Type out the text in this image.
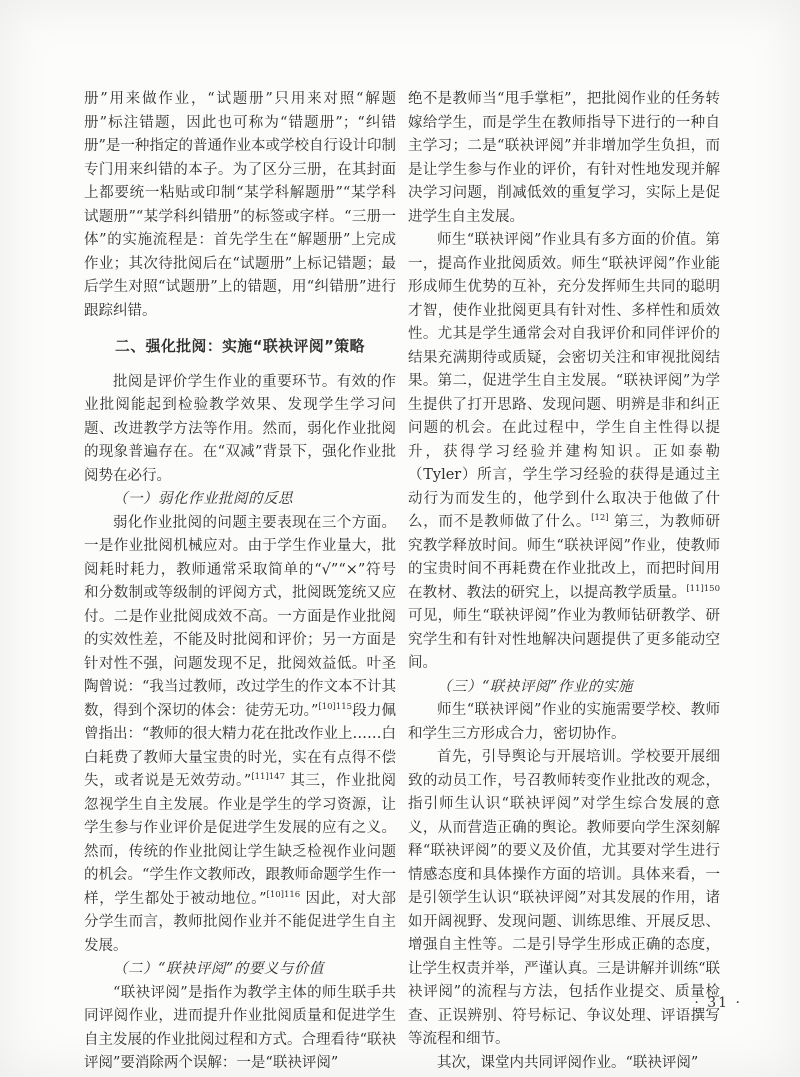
册”用来做作业，“试题册”只用来对照“解题册”标注错题，因此也可称为“错题册”；“纠错册”是一种指定的普通作业本或学校自行设计印制专门用来纠错的本子。为了区分三册，在其封面上都要统一粘贴或印制“某学科解题册”“某学科试题册”“某学科纠错册”的标签或字样。“三册一体”的实施流程是：首先学生在“解题册”上完成作业；其次待批阅后在“试题册”上标记错题；最后学生对照“试题册”上的错题，用“纠错册”进行跟踪纠错。
二、强化批阅：实施“联袂评阅”策略
批阅是评价学生作业的重要环节。有效的作业批阅能起到检验教学效果、发现学生学习问题、改进教学方法等作用。然而，弱化作业批阅的现象普遍存在。在“双减”背景下，强化作业批阅势在必行。
（一）弱化作业批阅的反思
弱化作业批阅的问题主要表现在三个方面。一是作业批阅机械应对。由于学生作业量大，批阅耗时耗力，教师通常采取简单的“√”“×”符号和分数制或等级制的评阅方式，批阅既笼统又应付。二是作业批阅成效不高。一方面是作业批阅的实效性差，不能及时批阅和评价；另一方面是针对性不强，问题发现不足，批阅效益低。叶圣陶曾说：“我当过教师，改过学生的作文本不计其数，得到个深切的体会：徒劳无功。”$^{[10]115}$段力佩曾指出：“教师的很大精力花在批改作业上……白白耗费了教师大量宝贵的时光，实在有点得不偿失，或者说是无效劳动。”$^{[11]147}$ 其三，作业批阅忽视学生自主发展。作业是学生的学习资源，让学生参与作业评价是促进学生发展的应有之义。然而，传统的作业批阅让学生缺乏检视作业问题的机会。“学生作文教师改，跟教师命题学生作一样，学生都处于被动地位。”$^{[10]116}$ 因此，对大部分学生而言，教师批阅作业并不能促进学生自主发展。
（二）“联袂评阅”的要义与价值
“联袂评阅”是指作为教学主体的师生联手共同评阅作业，进而提升作业批阅质量和促进学生自主发展的作业批阅过程和方式。合理看待“联袂评阅”要消除两个误解：一是“联袂评阅”
绝不是教师当“甩手掌柜”，把批阅作业的任务转嫁给学生，而是学生在教师指导下进行的一种自主学习；二是“联袂评阅”并非增加学生负担，而是让学生参与作业的评价，有针对性地发现并解决学习问题，削减低效的重复学习，实际上是促进学生自主发展。
师生“联袂评阅”作业具有多方面的价值。第一，提高作业批阅质效。师生“联袂评阅”作业能形成师生优势的互补，充分发挥师生共同的聪明才智，使作业批阅更具有针对性、多样性和质效性。尤其是学生通常会对自我评价和同伴评价的结果充满期待或质疑，会密切关注和审视批阅结果。第二，促进学生自主发展。“联袂评阅”为学生提供了打开思路、发现问题、明辨是非和纠正问题的机会。在此过程中，学生自主性得以提升，获得学习经验并建构知识。正如泰勒（Tyler）所言，学生学习经验的获得是通过主动行为而发生的，他学到什么取决于他做了什么，而不是教师做了什么。[12] 第三，为教师研究教学释放时间。师生“联袂评阅”作业，使教师的宝贵时间不再耗费在作业批改上，而把时间用在教材、教法的研究上，以提高教学质量。$^{[11]150}$可见，师生“联袂评阅”作业为教师钻研教学、研究学生和有针对性地解决问题提供了更多能动空间。
（三）“联袂评阅”作业的实施
师生“联袂评阅”作业的实施需要学校、教师和学生三方形成合力，密切协作。
首先，引导舆论与开展培训。学校要开展细致的动员工作，号召教师转变作业批改的观念，指引师生认识“联袂评阅”对学生综合发展的意义，从而营造正确的舆论。教师要向学生深刻解释“联袂评阅”的要义及价值，尤其要对学生进行情感态度和具体操作方面的培训。具体来看，一是引领学生认识“联袂评阅”对其发展的作用，诸如开阔视野、发现问题、训练思维、开展反思、增强自主性等。二是引导学生形成正确的态度，让学生权责并举，严谨认真。三是讲解并训练“联袂评阅”的流程与方法，包括作业提交、质量检查、正误辨别、符号标记、争议处理、评语撰写等流程和细节。
其次，课堂内共同评阅作业。“联袂评阅”
· 31 ·
